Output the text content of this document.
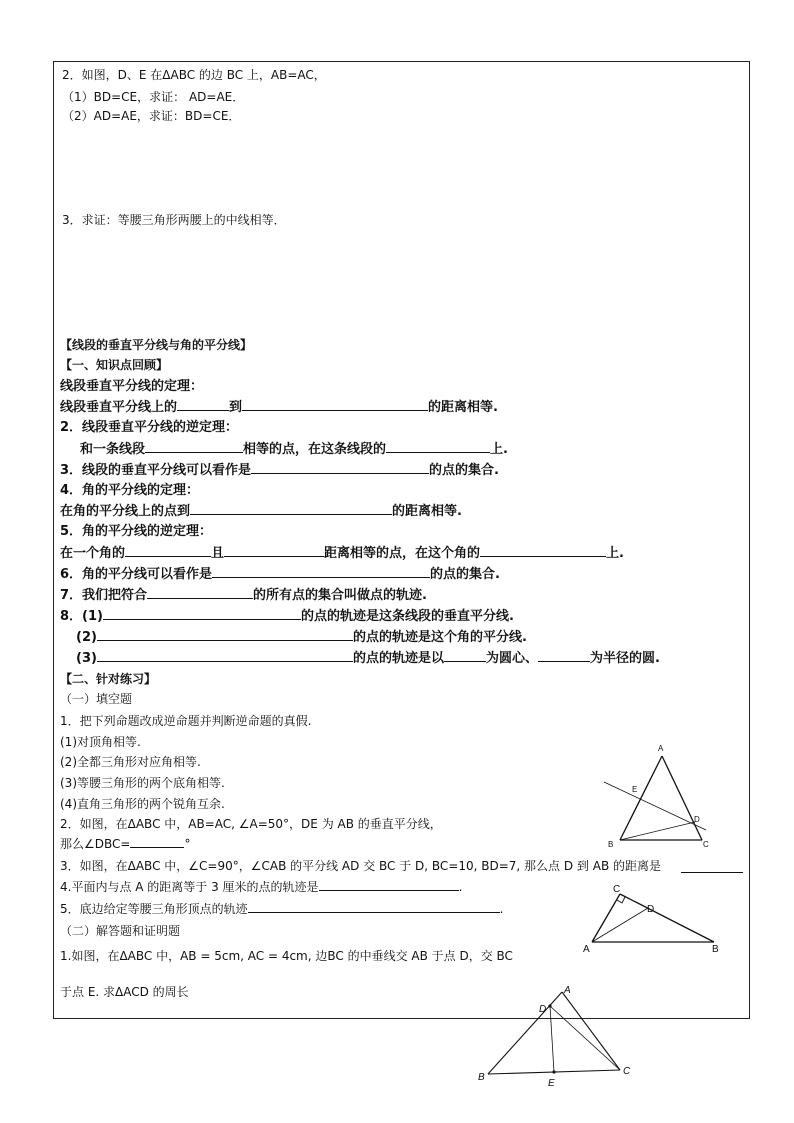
2．如图，D、E 在ΔABC 的边 BC 上，AB=AC，
（1）BD=CE，求证： AD=AE．
（2）AD=AE，求证：BD=CE．
3．求证：等腰三角形两腰上的中线相等．
【线段的垂直平分线与角的平分线】
【一、知识点回顾】
线段垂直平分线的定理：
线段垂直平分线上的	到	的距离相等.
2．线段垂直平分线的逆定理：
和一条线段	相等的点，在这条线段的	上.
3．线段的垂直平分线可以看作是	的点的集合.
4．角的平分线的定理：
在角的平分线上的点到	的距离相等.
5．角的平分线的逆定理：
在一个角的	且	距离相等的点，在这个角的	上.
6．角的平分线可以看作是	的点的集合.
7．我们把符合	的所有点的集合叫做点的轨迹.
8．(1)	的点的轨迹是这条线段的垂直平分线.
(2)	的点的轨迹是这个角的平分线.
(3)	的点的轨迹是以	为圆心、	为半径的圆.
【二、针对练习】
（一）填空题
1．把下列命题改成逆命题并判断逆命题的真假.
(1)对顶角相等.
(2)全都三角形对应角相等.
(3)等腰三角形的两个底角相等.
(4)直角三角形的两个锐角互余.
2．如图，在ΔABC 中，AB=AC, ∠A=50°，DE 为 AB 的垂直平分线，
那么∠DBC=	°
3．如图，在ΔABC 中，∠C=90°，∠CAB 的平分线 AD 交 BC 于 D, BC=10, BD=7, 那么点 D 到 AB 的距离是
4.平面内与点 A 的距离等于 3 厘米的点的轨迹是	.
5．底边给定等腰三角形顶点的轨迹	.
（二）解答题和证明题
1.如图，在ΔABC 中，AB = 5cm, AC = 4cm, 边BC 的中垂线交 AB 于点 D，交 BC
于点 E. 求ΔACD 的周长
A
B	C
D
E
C
D
A	B
A
D
B
C
E
